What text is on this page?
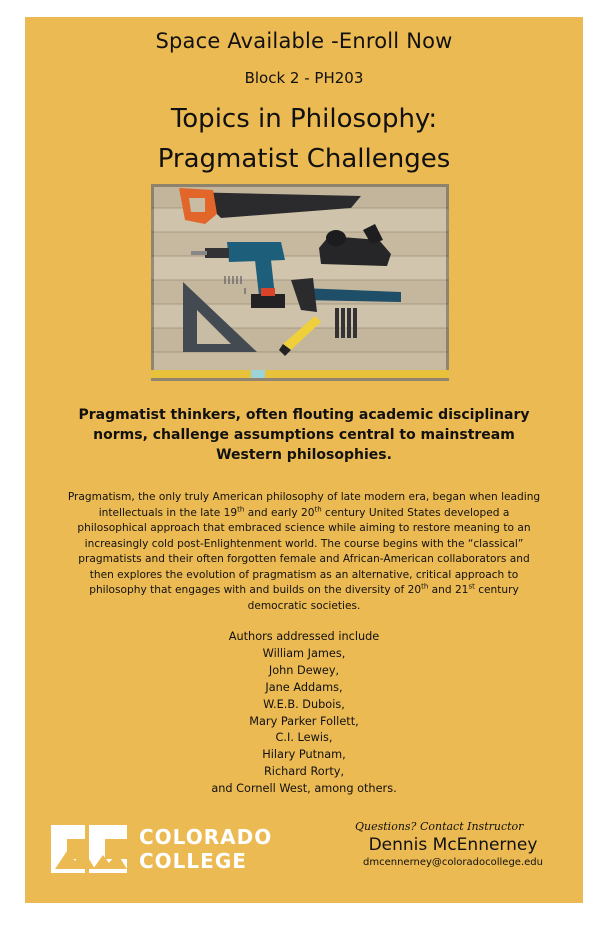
Space Available -Enroll Now
Block 2 - PH203
Topics in Philosophy:
Pragmatist Challenges
Pragmatist thinkers, often flouting academic disciplinary norms, challenge assumptions central to mainstream Western philosophies.
Pragmatism, the only truly American philosophy of late modern era, began when leading intellectuals in the late 19th and early 20th century United States developed a philosophical approach that embraced science while aiming to restore meaning to an increasingly cold post-Enlightenment world. The course begins with the “classical” pragmatists and their often forgotten female and African-American collaborators and then explores the evolution of pragmatism as an alternative, critical approach to philosophy that engages with and builds on the diversity of 20th and 21st century democratic societies.
Authors addressed include
William James,
John Dewey,
Jane Addams,
W.E.B. Dubois,
Mary Parker Follett,
C.I. Lewis,
Hilary Putnam,
Richard Rorty,
and Cornell West, among others.
COLORADO
COLLEGE
Questions? Contact Instructor
Dennis McEnnerney
dmcennerney@coloradocollege.edu
